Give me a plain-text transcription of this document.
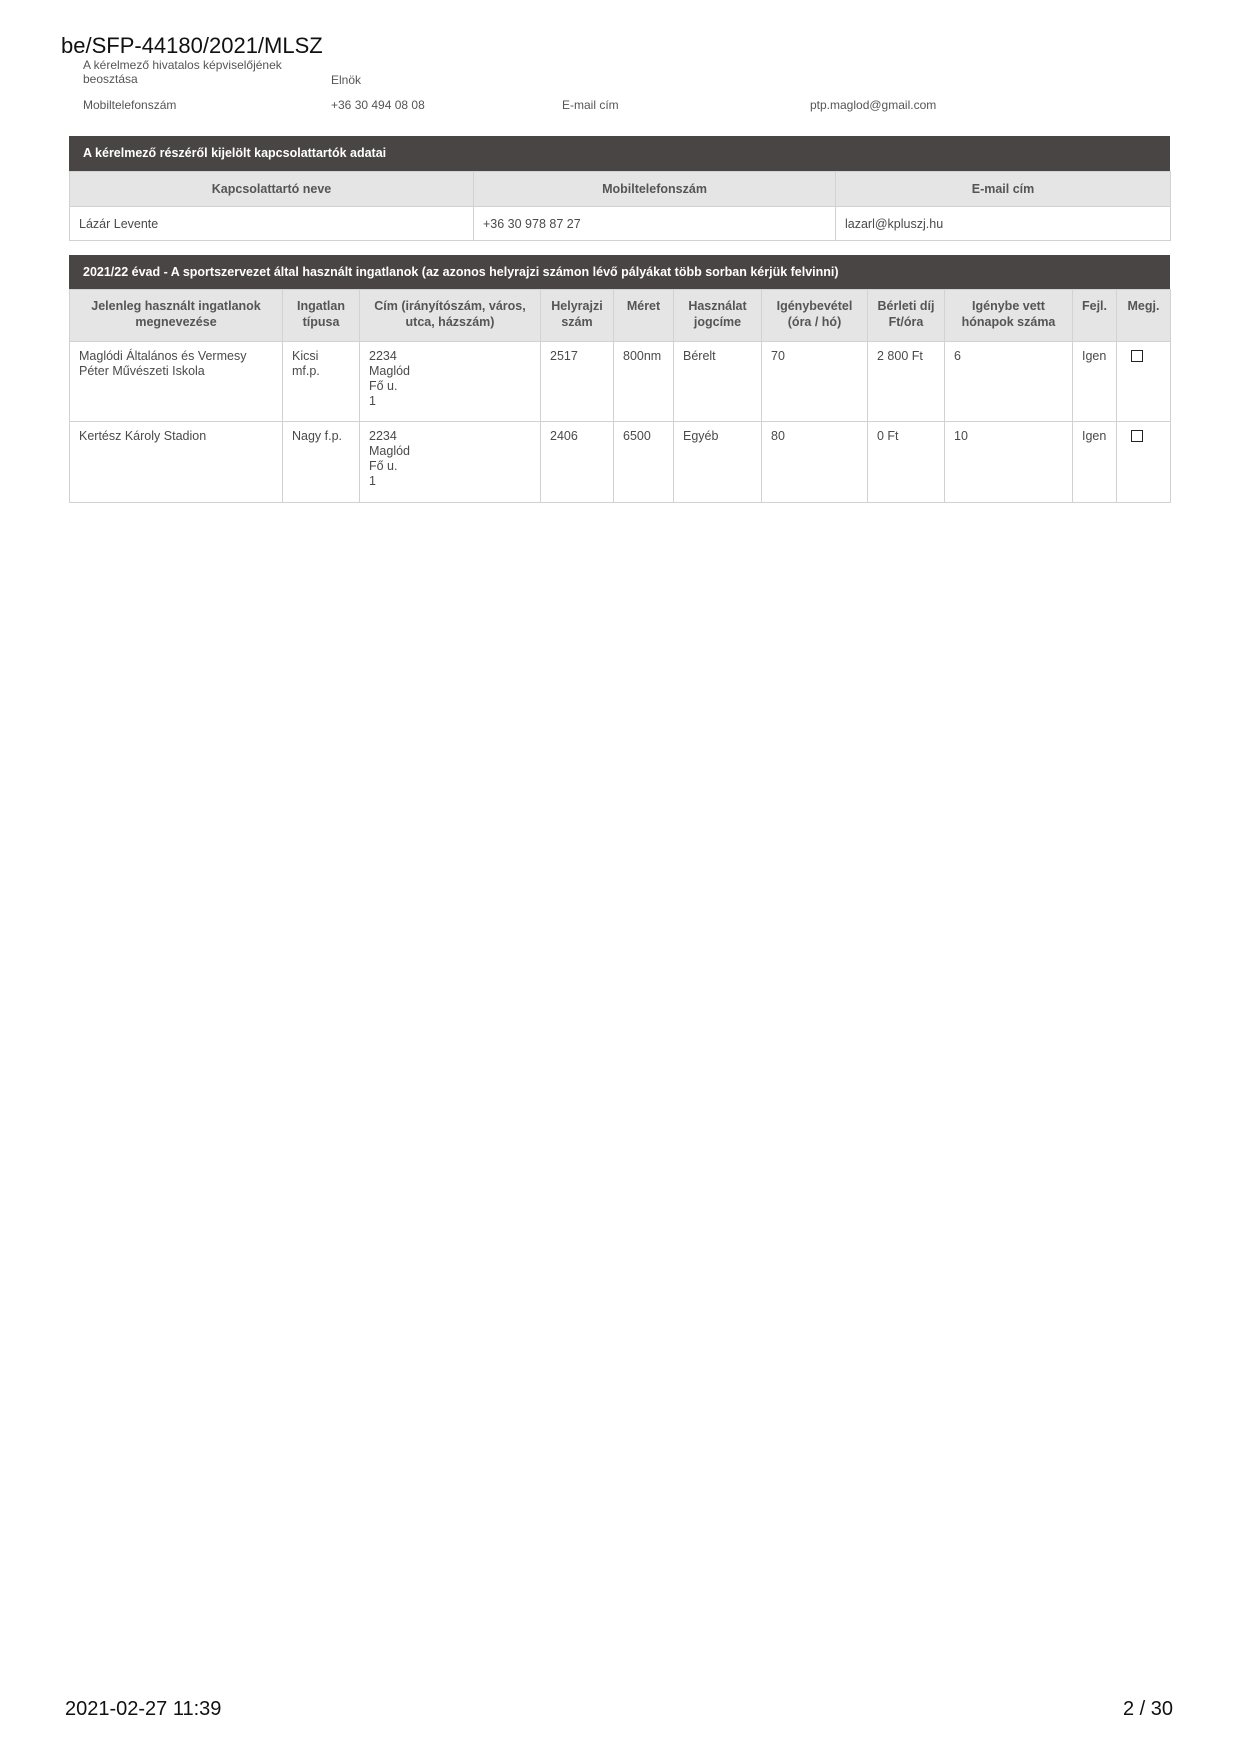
be/SFP-44180/2021/MLSZ
A kérelmező hivatalos képviselőjének beosztása	Elnök
Mobiltelefonszám	+36 30 494 08 08	E-mail cím	ptp.maglod@gmail.com
A kérelmező részéről kijelölt kapcsolattartók adatai
Kapcsolattartó neve	Mobiltelefonszám	E-mail cím
Lázár Levente	+36 30 978 87 27	lazarl@kpluszj.hu
2021/22 évad - A sportszervezet által használt ingatlanok (az azonos helyrajzi számon lévő pályákat több sorban kérjük felvinni)
Jelenleg használt ingatlanok megnevezése	Ingatlan típusa	Cím (irányítószám, város, utca, házszám)	Helyrajzi szám	Méret	Használat jogcíme	Igénybevétel (óra / hó)	Bérleti díj Ft/óra	Igénybe vett hónapok száma	Fejl.	Megj.
Maglódi Általános és Vermesy Péter Művészeti Iskola	Kicsi mf.p.	2234
Maglód
Fő u.
1	2517	800nm	Bérelt	70	2 800 Ft	6	Igen	
Kertész Károly Stadion	Nagy f.p.	2234
Maglód
Fő u.
1	2406	6500	Egyéb	80	0 Ft	10	Igen	
2021-02-27 11:39	2 / 30
